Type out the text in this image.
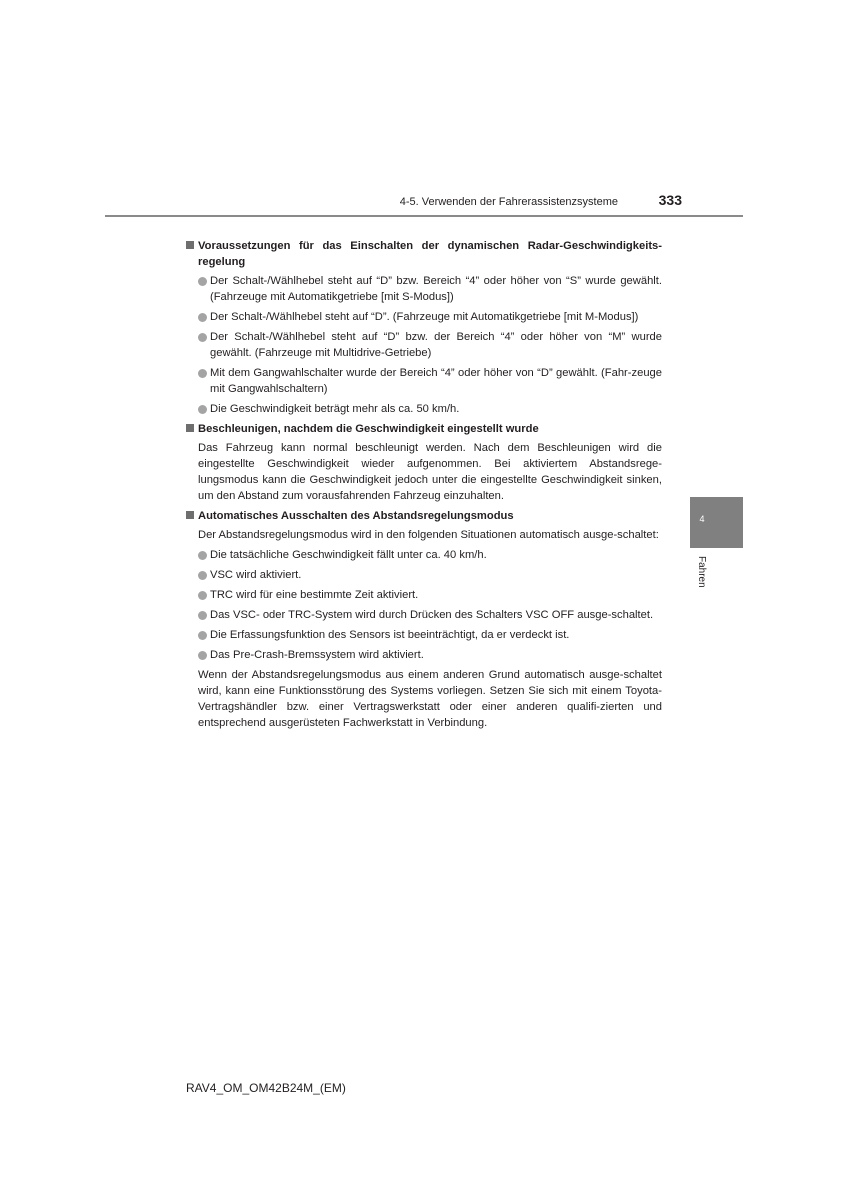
4-5. Verwenden der Fahrerassistenzsysteme	333
4
Fahren
Voraussetzungen für das Einschalten der dynamischen Radar-Geschwindigkeits-regelung
Der Schalt-/Wählhebel steht auf “D” bzw. Bereich “4” oder höher von “S” wurde gewählt. (Fahrzeuge mit Automatikgetriebe [mit S-Modus])
Der Schalt-/Wählhebel steht auf “D”. (Fahrzeuge mit Automatikgetriebe [mit M-Modus])
Der Schalt-/Wählhebel steht auf “D” bzw. der Bereich “4” oder höher von “M” wurde gewählt. (Fahrzeuge mit Multidrive-Getriebe)
Mit dem Gangwahlschalter wurde der Bereich “4” oder höher von “D” gewählt. (Fahr-zeuge mit Gangwahlschaltern)
Die Geschwindigkeit beträgt mehr als ca. 50 km/h.
Beschleunigen, nachdem die Geschwindigkeit eingestellt wurde
Das Fahrzeug kann normal beschleunigt werden. Nach dem Beschleunigen wird die eingestellte Geschwindigkeit wieder aufgenommen. Bei aktiviertem Abstandsrege-lungsmodus kann die Geschwindigkeit jedoch unter die eingestellte Geschwindigkeit sinken, um den Abstand zum vorausfahrenden Fahrzeug einzuhalten.
Automatisches Ausschalten des Abstandsregelungsmodus
Der Abstandsregelungsmodus wird in den folgenden Situationen automatisch ausge-schaltet:
Die tatsächliche Geschwindigkeit fällt unter ca. 40 km/h.
VSC wird aktiviert.
TRC wird für eine bestimmte Zeit aktiviert.
Das VSC- oder TRC-System wird durch Drücken des Schalters VSC OFF ausge-schaltet.
Die Erfassungsfunktion des Sensors ist beeinträchtigt, da er verdeckt ist.
Das Pre-Crash-Bremssystem wird aktiviert.
Wenn der Abstandsregelungsmodus aus einem anderen Grund automatisch ausge-schaltet wird, kann eine Funktionsstörung des Systems vorliegen. Setzen Sie sich mit einem Toyota-Vertragshändler bzw. einer Vertragswerkstatt oder einer anderen qualifi-zierten und entsprechend ausgerüsteten Fachwerkstatt in Verbindung.
RAV4_OM_OM42B24M_(EM)
